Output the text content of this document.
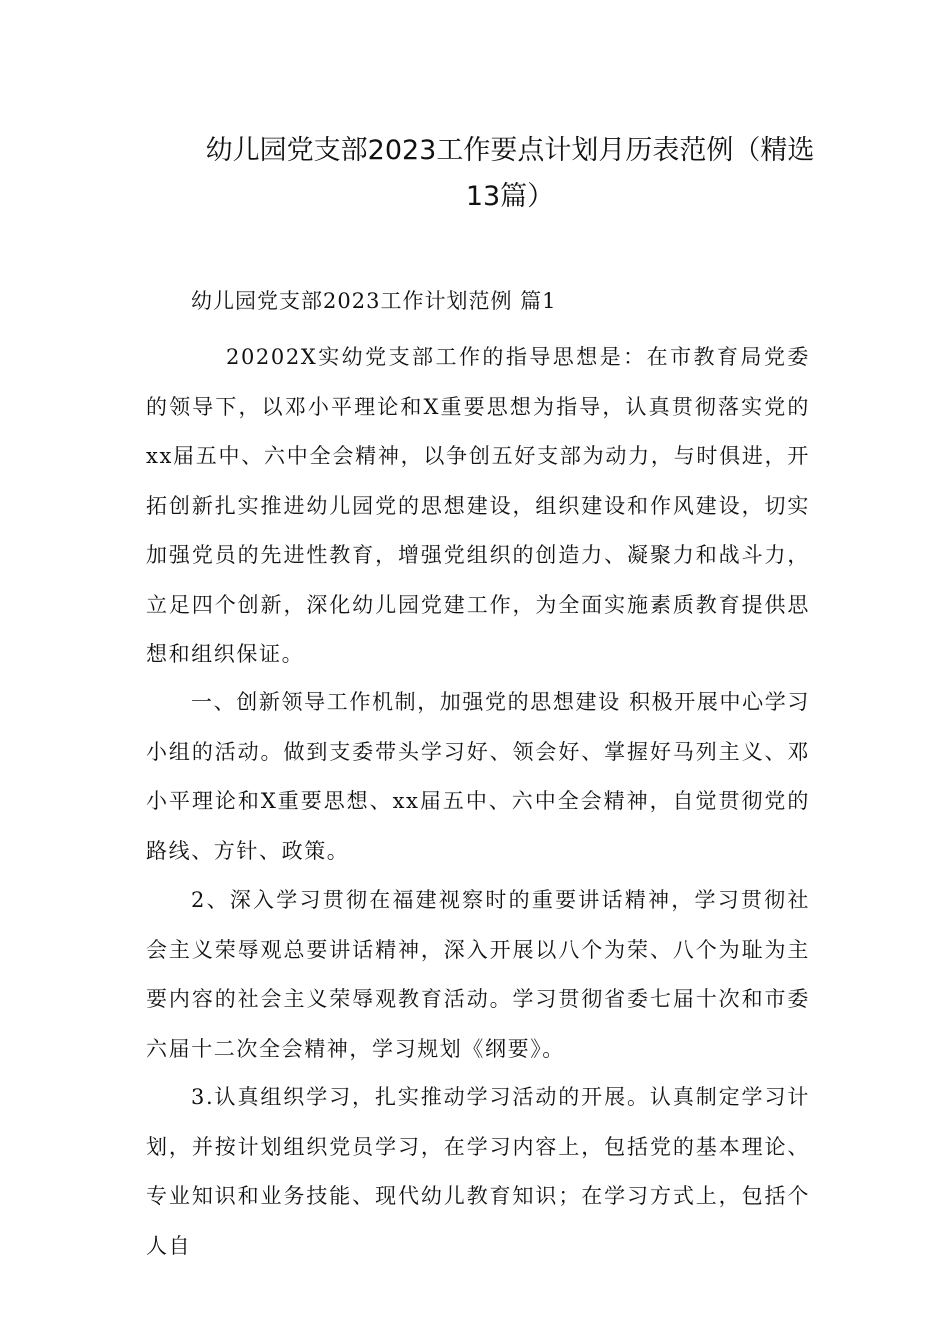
幼儿园党支部2023工作要点计划月历表范例（精选
13篇）
幼儿园党支部2023工作计划范例 篇1

20202X实幼党支部工作的指导思想是：在市教育局党委的领导下，以邓小平理论和X重要思想为指导，认真贯彻落实党的xx届五中、六中全会精神，以争创五好支部为动力，与时俱进，开拓创新扎实推进幼儿园党的思想建设，组织建设和作风建设，切实加强党员的先进性教育，增强党组织的创造力、凝聚力和战斗力，立足四个创新，深化幼儿园党建工作，为全面实施素质教育提供思想和组织保证。

一、创新领导工作机制，加强党的思想建设 积极开展中心学习小组的活动。做到支委带头学习好、领会好、掌握好马列主义、邓小平理论和X重要思想、xx届五中、六中全会精神，自觉贯彻党的路线、方针、政策。

2、深入学习贯彻在福建视察时的重要讲话精神，学习贯彻社会主义荣辱观总要讲话精神，深入开展以八个为荣、八个为耻为主要内容的社会主义荣辱观教育活动。学习贯彻省委七届十次和市委六届十二次全会精神，学习规划《纲要》。

3.认真组织学习，扎实推动学习活动的开展。认真制定学习计划，并按计划组织党员学习，在学习内容上，包括党的基本理论、专业知识和业务技能、现代幼儿教育知识；在学习方式上，包括个人自
